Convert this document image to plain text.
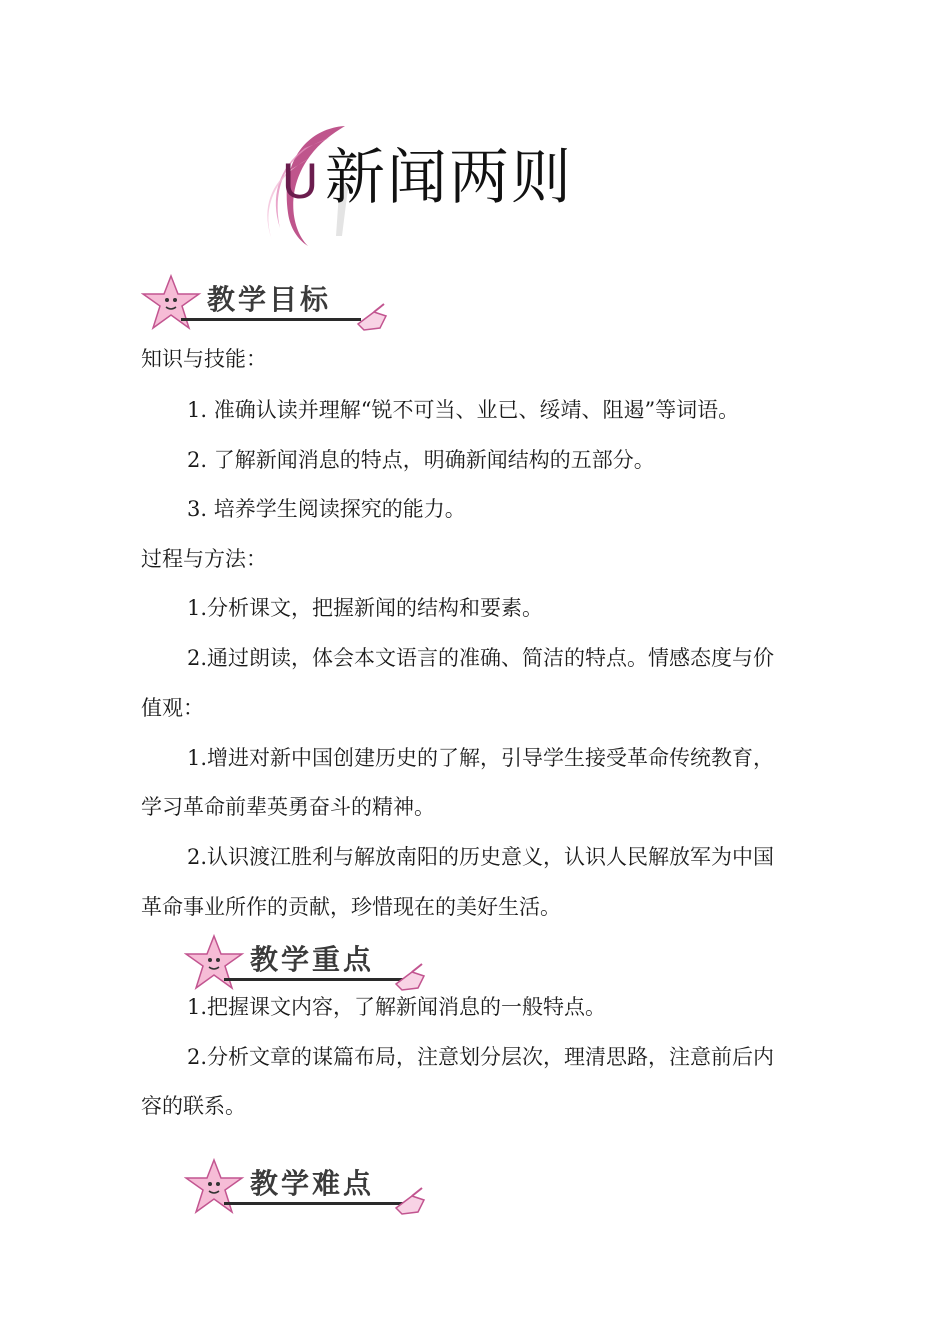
U 新闻两则
教学目标
知识与技能：
1. 准确认读并理解“锐不可当、业已、绥靖、阻遏”等词语。
2. 了解新闻消息的特点，明确新闻结构的五部分。
3. 培养学生阅读探究的能力。
过程与方法：
1.分析课文，把握新闻的结构和要素。
2.通过朗读，体会本文语言的准确、简洁的特点。情感态度与价
值观：
1.增进对新中国创建历史的了解，引导学生接受革命传统教育，
学习革命前辈英勇奋斗的精神。
2.认识渡江胜利与解放南阳的历史意义，认识人民解放军为中国
革命事业所作的贡献，珍惜现在的美好生活。
教学重点
1.把握课文内容，了解新闻消息的一般特点。
2.分析文章的谋篇布局，注意划分层次，理清思路，注意前后内
容的联系。
教学难点
